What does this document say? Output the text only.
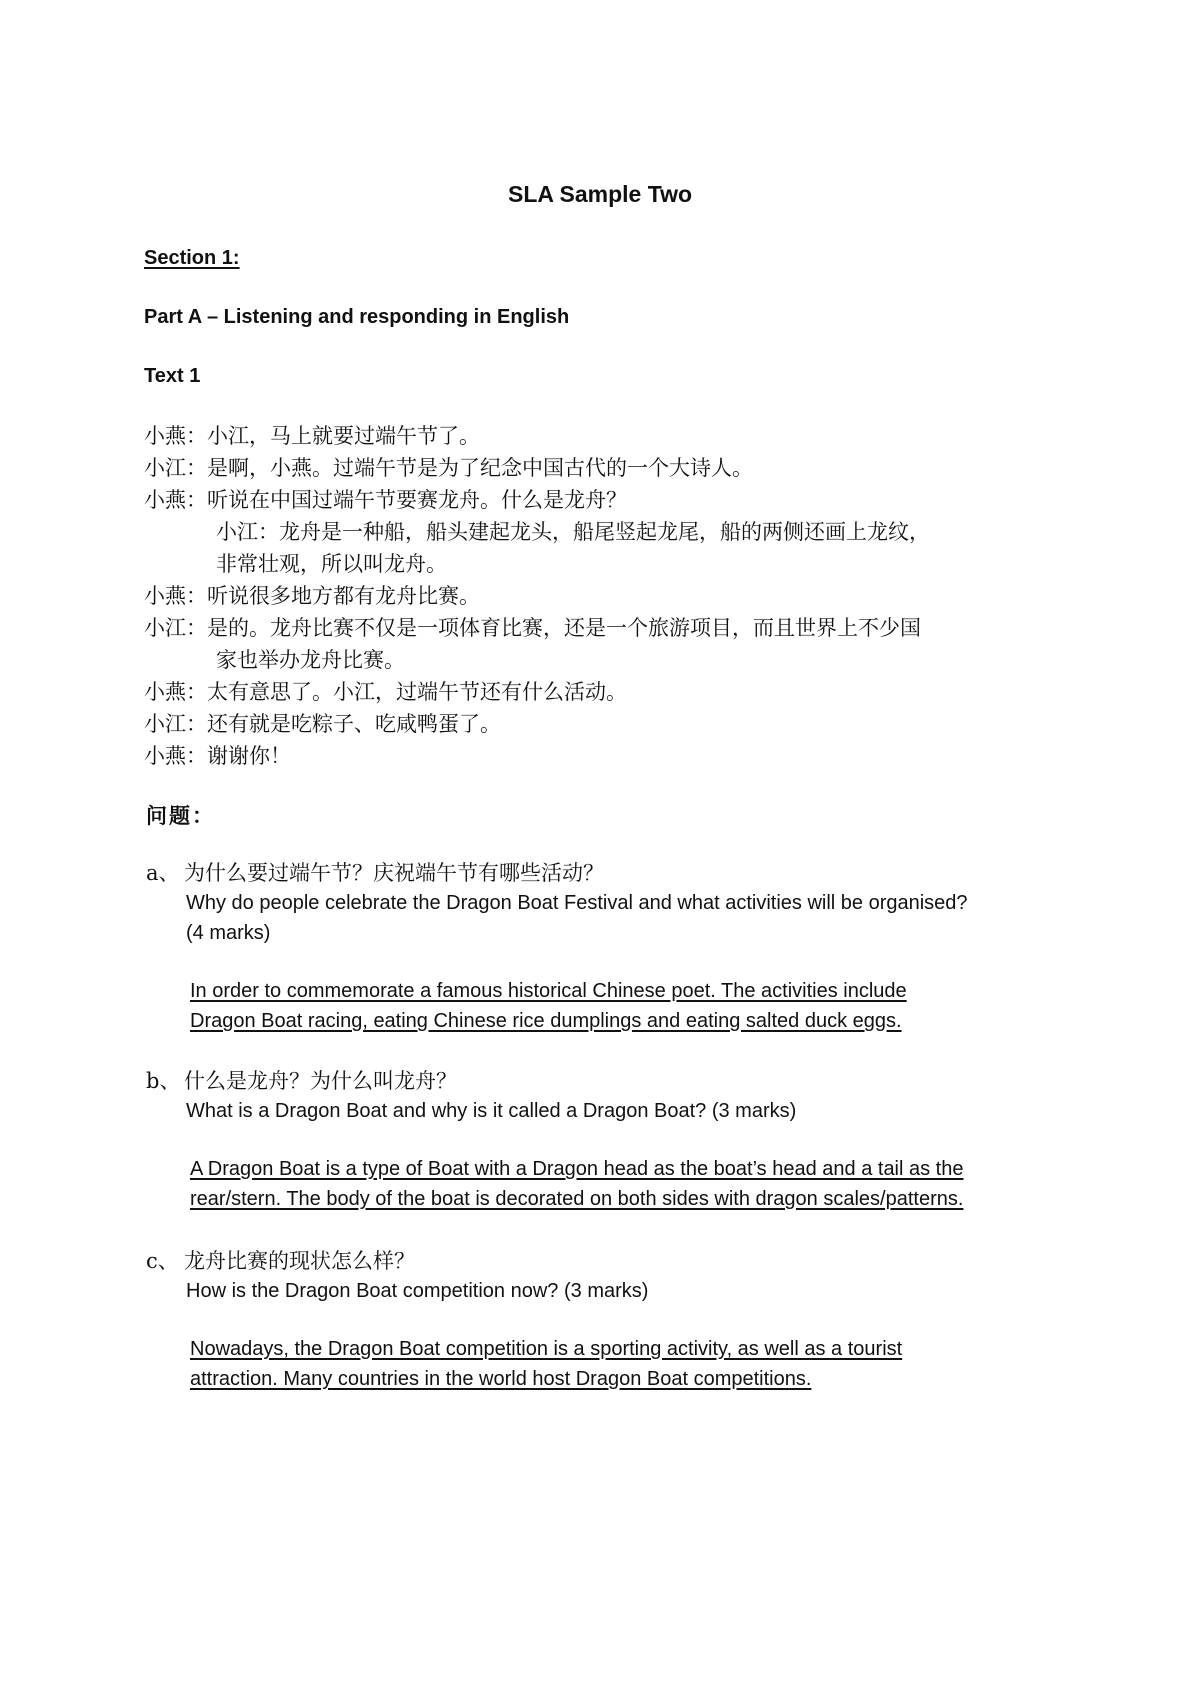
SLA Sample Two
Section 1:
Part A – Listening and responding in English
Text 1
小燕： 小江，马上就要过端午节了。
小江： 是啊，小燕。过端午节是为了纪念中国古代的一个大诗人。
小燕： 听说在中国过端午节要赛龙舟。什么是龙舟？
小江： 龙舟是一种船，船头建起龙头，船尾竖起龙尾，船的两侧还画上龙纹，
非常壮观，所以叫龙舟。
小燕： 听说很多地方都有龙舟比赛。
小江： 是的。龙舟比赛不仅是一项体育比赛，还是一个旅游项目，而且世界上不少国
家也举办龙舟比赛。
小燕： 太有意思了。小江，过端午节还有什么活动。
小江： 还有就是吃粽子、吃咸鸭蛋了。
小燕： 谢谢你！
问题：
a、 为什么要过端午节？庆祝端午节有哪些活动？
Why do people celebrate the Dragon Boat Festival and what activities will be organised?
(4 marks)
In order to commemorate a famous historical Chinese poet. The activities include
Dragon Boat racing, eating Chinese rice dumplings and eating salted duck eggs.
b、 什么是龙舟？为什么叫龙舟？
What is a Dragon Boat and why is it called a Dragon Boat? (3 marks)
A Dragon Boat is a type of Boat with a Dragon head as the boat’s head and a tail as the
rear/stern. The body of the boat is decorated on both sides with dragon scales/patterns.
c、 龙舟比赛的现状怎么样？
How is the Dragon Boat competition now? (3 marks)
Nowadays, the Dragon Boat competition is a sporting activity, as well as a tourist
attraction. Many countries in the world host Dragon Boat competitions.
